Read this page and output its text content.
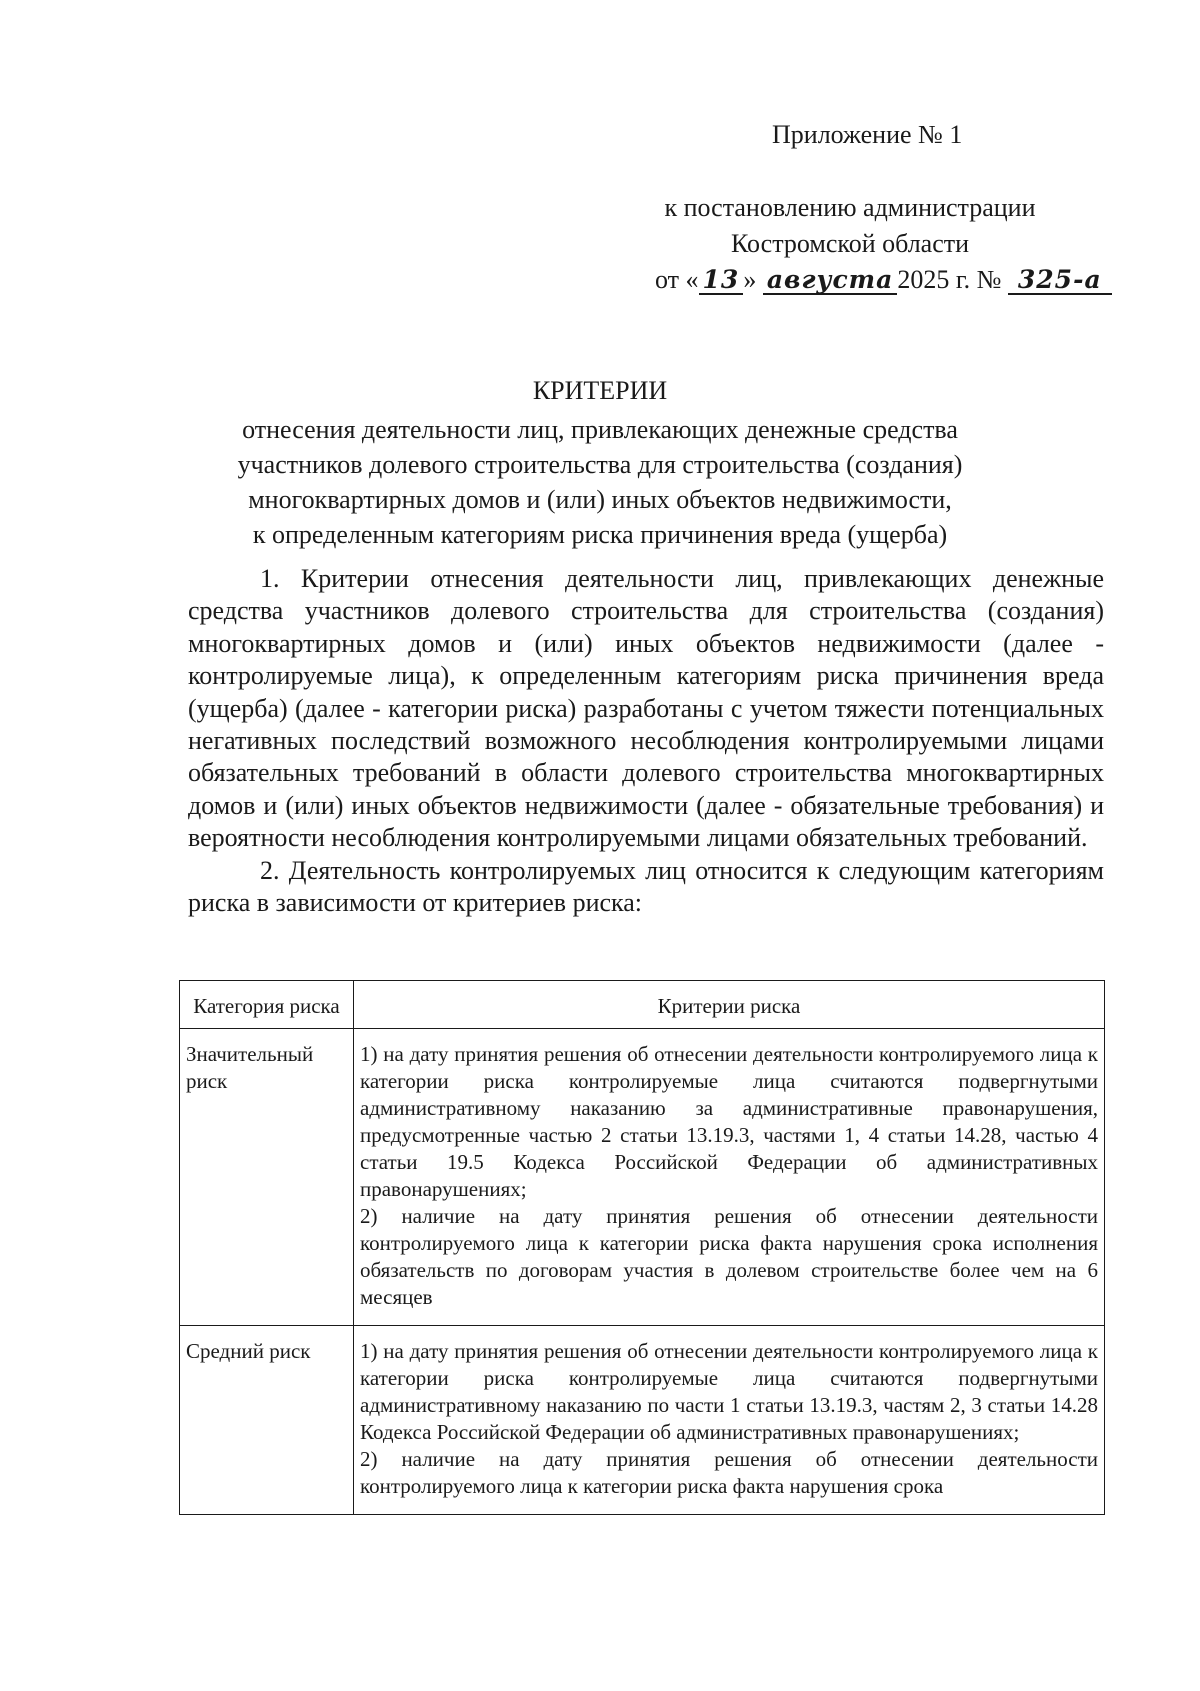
Приложение № 1
к постановлению администрации
Костромской области
от « 13 » августа 2025 г. № 325-а
КРИТЕРИИ
отнесения деятельности лиц, привлекающих денежные средства
участников долевого строительства для строительства (создания)
многоквартирных домов и (или) иных объектов недвижимости,
к определенным категориям риска причинения вреда (ущерба)

1. Критерии отнесения деятельности лиц, привлекающих денежные средства участников долевого строительства для строительства (создания) многоквартирных домов и (или) иных объектов недвижимости (далее - контролируемые лица), к определенным категориям риска причинения вреда (ущерба) (далее - категории риска) разработаны с учетом тяжести потенциальных негативных последствий возможного несоблюдения контролируемыми лицами обязательных требований в области долевого строительства многоквартирных домов и (или) иных объектов недвижимости (далее - обязательные требования) и вероятности несоблюдения контролируемыми лицами обязательных требований.

2. Деятельность контролируемых лиц относится к следующим категориям риска в зависимости от критериев риска:

Категория риска	Критерии риска
Значительный риск	1) на дату принятия решения об отнесении деятельности контролируемого лица к категории риска контролируемые лица считаются подвергнутыми административному наказанию за административные правонарушения, предусмотренные частью 2 статьи 13.19.3, частями 1, 4 статьи 14.28, частью 4 статьи 19.5 Кодекса Российской Федерации об административных правонарушениях;

2) наличие на дату принятия решения об отнесении деятельности контролируемого лица к категории риска факта нарушения срока исполнения обязательств по договорам участия в долевом строительстве более чем на 6 месяцев

Средний риск	1) на дату принятия решения об отнесении деятельности контролируемого лица к категории риска контролируемые лица считаются подвергнутыми административному наказанию по части 1 статьи 13.19.3, частям 2, 3 статьи 14.28 Кодекса Российской Федерации об административных правонарушениях;

2) наличие на дату принятия решения об отнесении деятельности контролируемого лица к категории риска факта нарушения срока
